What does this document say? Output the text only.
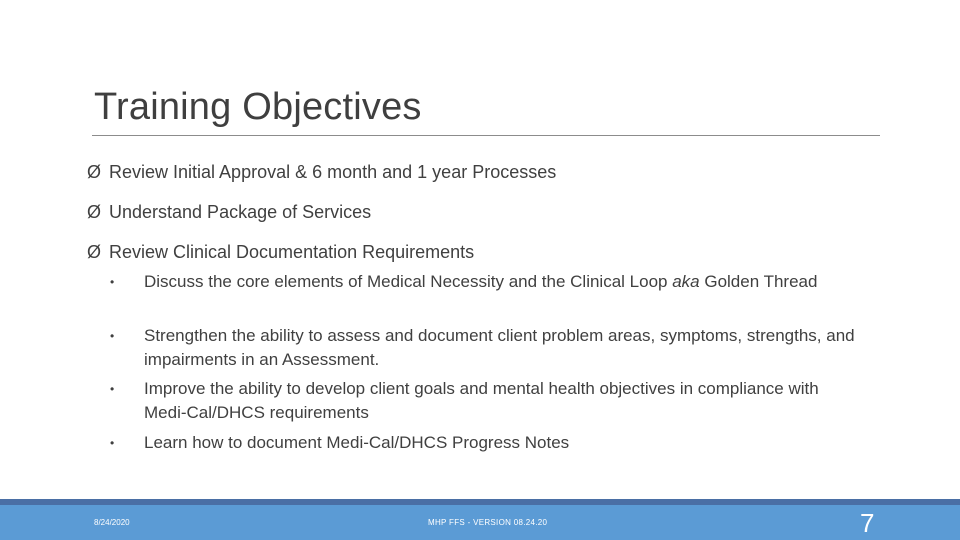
Training Objectives
Ø Review Initial Approval & 6 month and 1 year Processes
Ø Understand Package of Services
Ø Review Clinical Documentation Requirements
• Discuss the core elements of Medical Necessity and the Clinical Loop aka Golden Thread
• Strengthen the ability to assess and document client problem areas, symptoms, strengths, and impairments in an Assessment.
• Improve the ability to develop client goals and mental health objectives in compliance with Medi-Cal/DHCS requirements
• Learn how to document Medi-Cal/DHCS Progress Notes
8/24/2020	MHP FFS - VERSION 08.24.20	7
